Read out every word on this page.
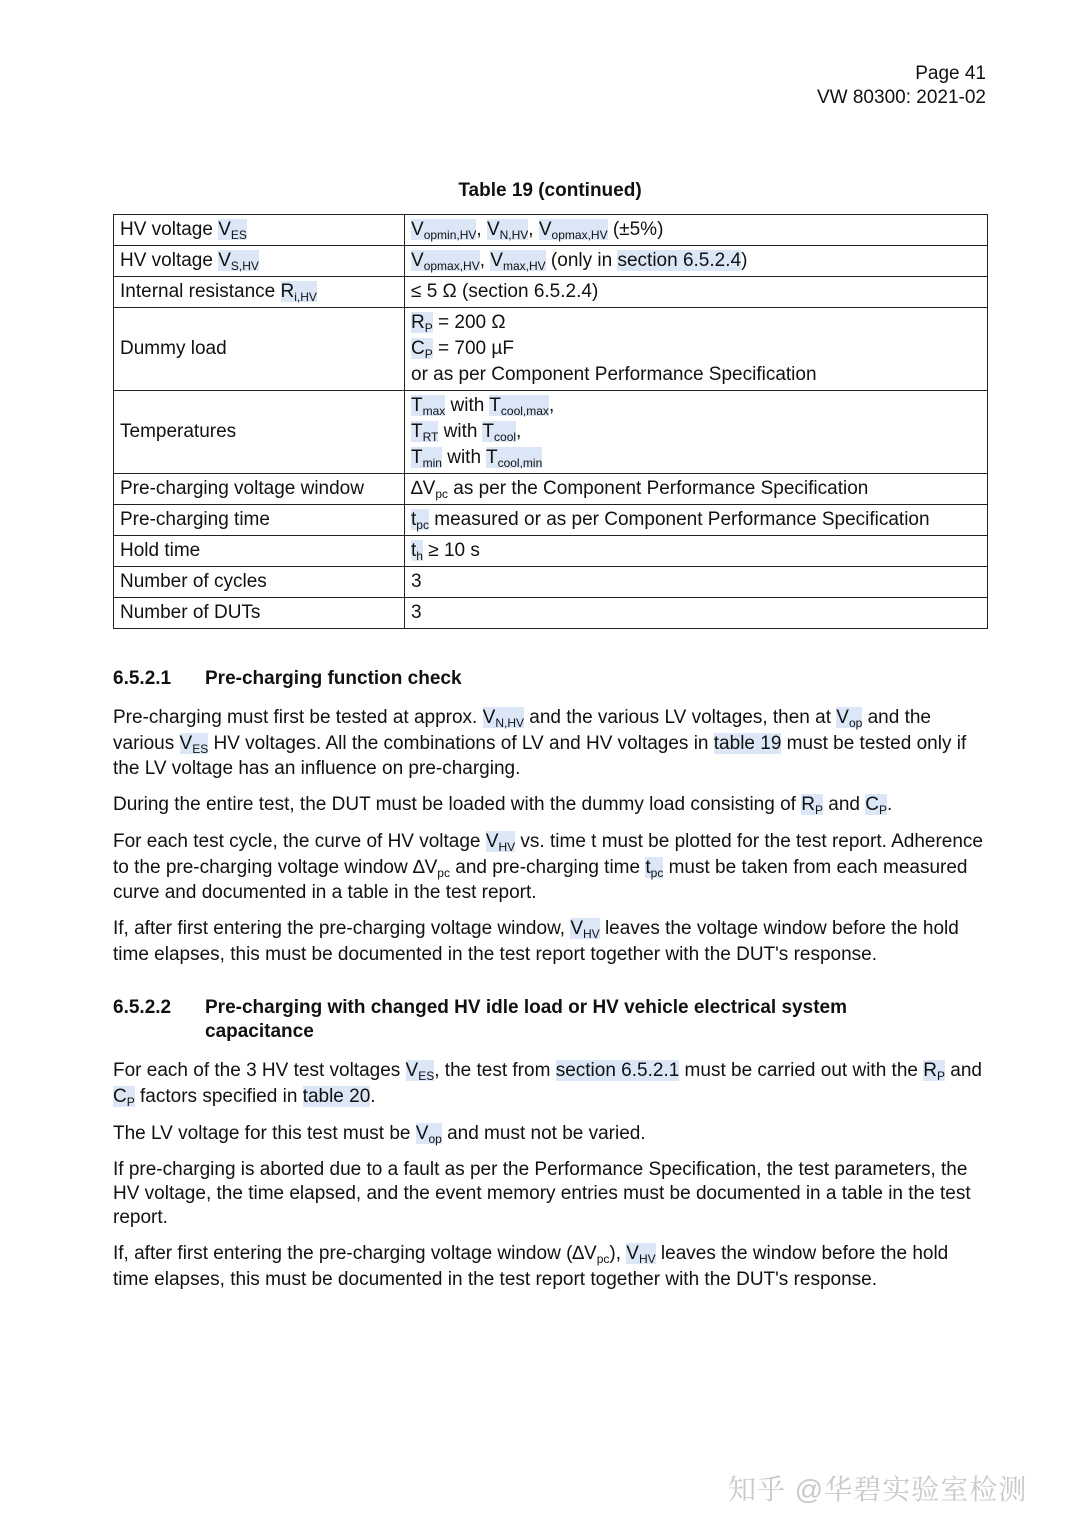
Page 41
VW 80300: 2021-02
Table 19 (continued)
HV voltage $V_{ES}$	$V_{opmin,HV}$, $V_{N,HV}$, $V_{opmax,HV}$ (±5%)
HV voltage $V_{S,HV}$	$V_{opmax,HV}$, $V_{max,HV}$ (only in section 6.5.2.4)
Internal resistance $R_{i,HV}$	≤ 5 Ω (section 6.5.2.4)
Dummy load	$R_P = 200$ Ω
$C_P = 700$ µF
or as per Component Performance Specification

Temperatures	$T_{max}$ with $T_{cool,max}$,
$T_{RT}$ with $T_{cool}$,
$T_{min}$ with $T_{cool,min}$

Pre-charging voltage window	$\Delta V_{pc}$ as per the Component Performance Specification
Pre-charging time	$t_{pc}$ measured or as per Component Performance Specification
Hold time	$t_h \ge 10$ s
Number of cycles	3
Number of DUTs	3
6.5.2.1 Pre-charging function check
Pre-charging must first be tested at approx. $V_{N,HV}$ and the various LV voltages, then at $V_{op}$ and the various $V_{ES}$ HV voltages. All the combinations of LV and HV voltages in table 19 must be tested only if the LV voltage has an influence on pre-charging.
During the entire test, the DUT must be loaded with the dummy load consisting of $R_P$ and $C_P$.
For each test cycle, the curve of HV voltage $V_{HV}$ vs. time t must be plotted for the test report. Adherence to the pre-charging voltage window $\Delta V_{pc}$ and pre-charging time $t_{pc}$ must be taken from each measured curve and documented in a table in the test report.
If, after first entering the pre-charging voltage window, $V_{HV}$ leaves the voltage window before the hold time elapses, this must be documented in the test report together with the DUT's response.
6.5.2.2 Pre-charging with changed HV idle load or HV vehicle electrical system capacitance
For each of the 3 HV test voltages $V_{ES}$, the test from section 6.5.2.1 must be carried out with the $R_P$ and $C_P$ factors specified in table 20.
The LV voltage for this test must be $V_{op}$ and must not be varied.
If pre-charging is aborted due to a fault as per the Performance Specification, the test parameters, the HV voltage, the time elapsed, and the event memory entries must be documented in a table in the test report.
If, after first entering the pre-charging voltage window $(\Delta V_{pc})$, $V_{HV}$ leaves the window before the hold time elapses, this must be documented in the test report together with the DUT's response.
知乎 @华碧实验室检测
